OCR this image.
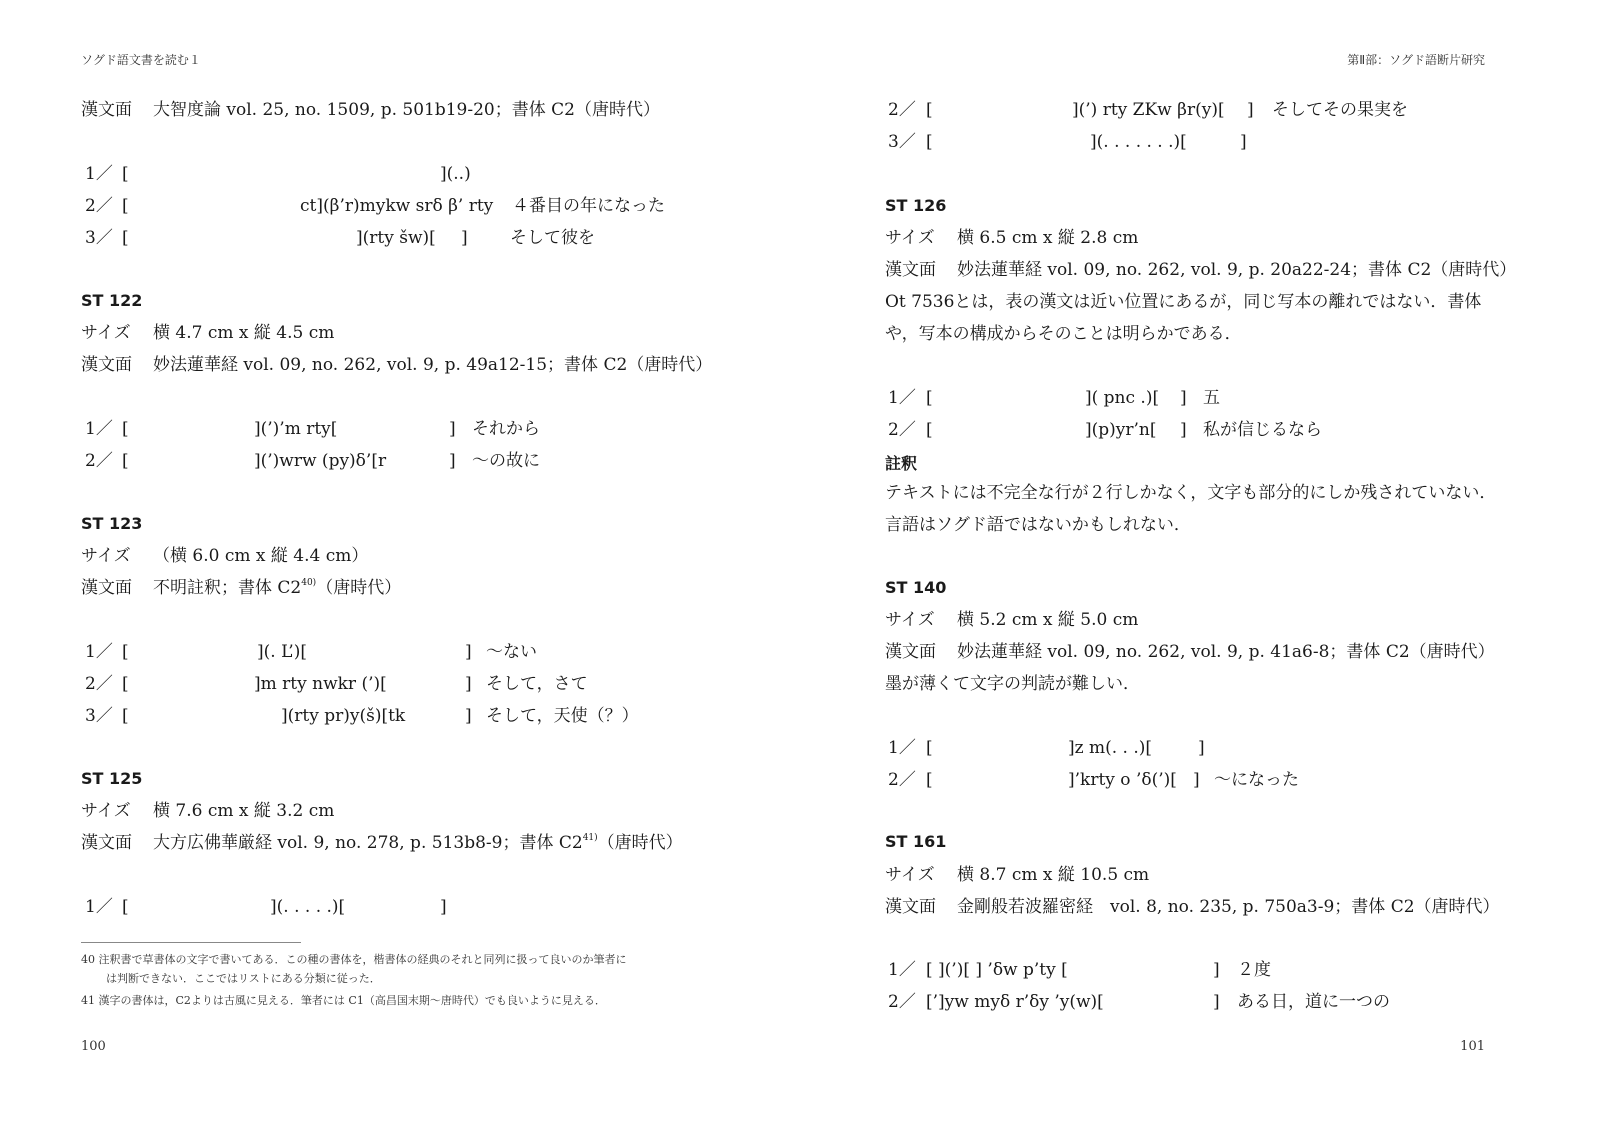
ソグド語文書を読む１
漢文面 大智度論 vol. 25, no. 1509, p. 501b19-20；書体 C2（唐時代）
1／ [	](..)
2／ [	ct](β’r)mykw srδ β’ rty ４番目の年になった
3／ [	](rty šw)[ ] そして彼を
ST 122
サイズ 横 4.7 cm x 縦 4.5 cm
漢文面 妙法蓮華経 vol. 09, no. 262, vol. 9, p. 49a12-15；書体 C2（唐時代）
1／ [	](’)’m rty[	] それから
2／ [	](’)wrw (py)δ’[r	] ～の故に
ST 123
サイズ （横 6.0 cm x 縦 4.4 cm）
漢文面 不明註釈；書体 C2$^{40)}$（唐時代）
1／ [	](. L’)[	] ～ない
2／ [	]m rty nwkr (’)[	] そして，さて
3／ [	](rty pr)y(š)[tk	] そして，天使（？）
ST 125
サイズ 横 7.6 cm x 縦 3.2 cm
漢文面 大方広佛華厳経 vol. 9, no. 278, p. 513b8-9；書体 C2$^{41)}$（唐時代）
1／ [	](. . . . .)[	]
40 注釈書で草書体の文字で書いてある．この種の書体を，楷書体の経典のそれと同列に扱って良いのか筆者に
は判断できない．ここではリストにある分類に従った．
41 漢字の書体は，C2よりは古風に見える．筆者には C1（高昌国末期～唐時代）でも良いように見える．
100
第Ⅱ部：ソグド語断片研究
2／ [	](’) rty ZKw βr(y)[ ] そしてその果実を
3／ [	](. . . . . . .)[	]
ST 126
サイズ 横 6.5 cm x 縦 2.8 cm
漢文面 妙法蓮華経 vol. 09, no. 262, vol. 9, p. 20a22-24；書体 C2（唐時代）
Ot 7536とは，表の漢文は近い位置にあるが，同じ写本の離れではない．書体
や，写本の構成からそのことは明らかである．
1／ [	]( pnc .)[ ] 五
2／ [	](p)yr’n[ ] 私が信じるなら
註釈
テキストには不完全な行が２行しかなく，文字も部分的にしか残されていない．
言語はソグド語ではないかもしれない．
ST 140
サイズ 横 5.2 cm x 縦 5.0 cm
漢文面 妙法蓮華経 vol. 09, no. 262, vol. 9, p. 41a6-8；書体 C2（唐時代）
墨が薄くて文字の判読が難しい．
1／ [	]z m(. . .)[	]
2／ [	]’krty o ’δ(’)[ ] ～になった
ST 161
サイズ 横 8.7 cm x 縦 10.5 cm
漢文面 金剛般若波羅密経　vol. 8, no. 235, p. 750a3-9；書体 C2（唐時代）
1／ [ ](’)[ ] ’δw p’ty [	] ２度
2／ [’]yw myδ r’δy ’y(w)[	] ある日，道に一つの
101
